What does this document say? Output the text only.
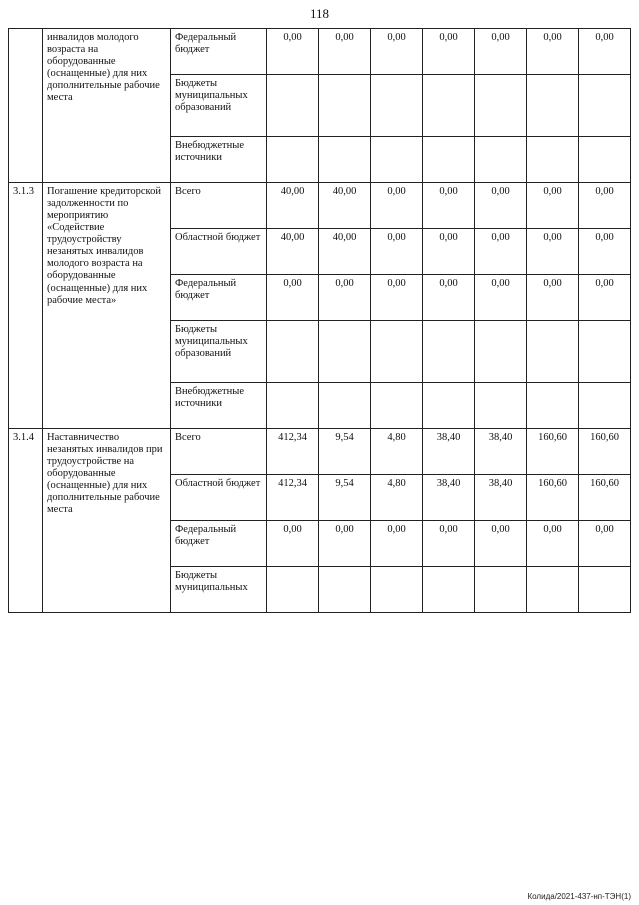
118
	инвалидов молодого возраста на оборудованные (оснащенные) для них дополнительные рабочие места	Федеральный бюджет	0,00	0,00	0,00	0,00	0,00	0,00	0,00
		Бюджеты муниципальных образований							
		Внебюджетные источники							
3.1.3	Погашение кредиторской задолженности по мероприятию «Содействие трудоустройству незанятых инвалидов молодого возраста на оборудованные (оснащенные) для них рабочие места»	Всего	40,00	40,00	0,00	0,00	0,00	0,00	0,00
		Областной бюджет	40,00	40,00	0,00	0,00	0,00	0,00	0,00
		Федеральный бюджет	0,00	0,00	0,00	0,00	0,00	0,00	0,00
		Бюджеты муниципальных образований							
		Внебюджетные источники							
3.1.4	Наставничество незанятых инвалидов при трудоустройстве на оборудованные (оснащенные) для них дополнительные рабочие места	Всего	412,34	9,54	4,80	38,40	38,40	160,60	160,60
		Областной бюджет	412,34	9,54	4,80	38,40	38,40	160,60	160,60
		Федеральный бюджет	0,00	0,00	0,00	0,00	0,00	0,00	0,00
		Бюджеты муниципальных							
Колида/2021-437-нп-ТЭН(1)
